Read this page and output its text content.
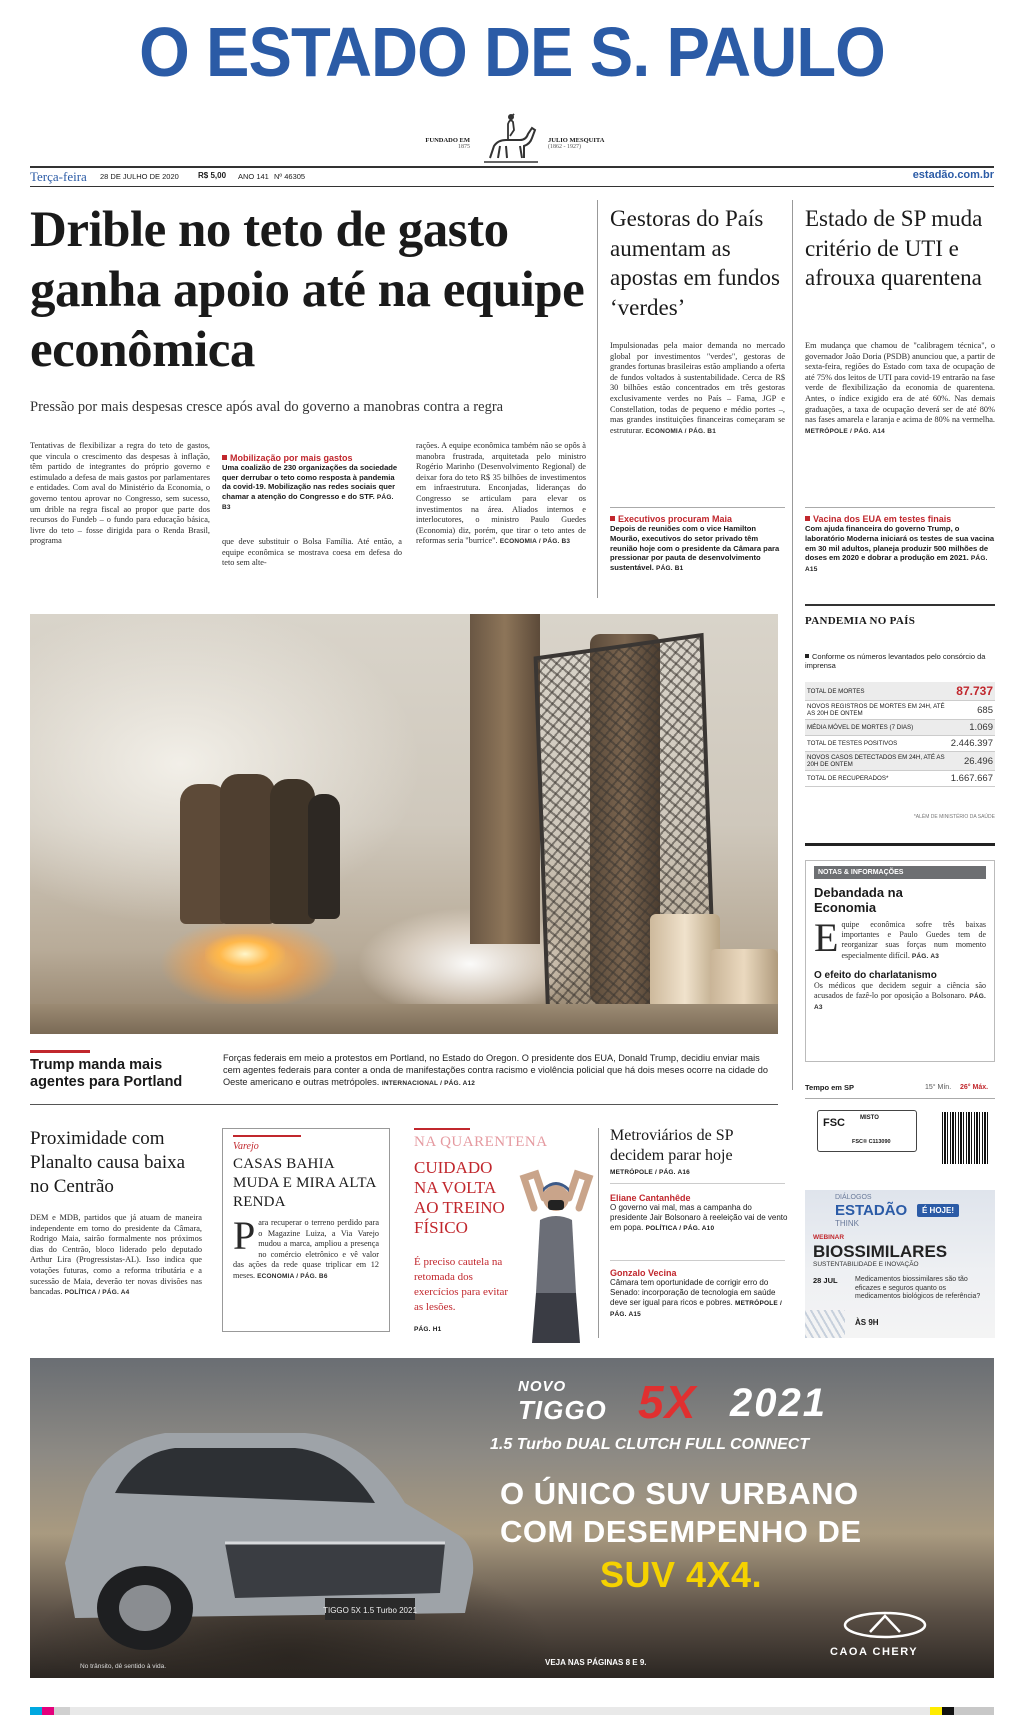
O ESTADO DE S. PAULO
FUNDADO EM
1875
JULIO MESQUITA
(1862 - 1927)
Terça-feira 28 DE JULHO DE 2020 R$ 5,00 ANO 141 Nº 46305	estadão.com.br
Drible no teto de gasto ganha apoio até na equipe econômica
Pressão por mais despesas cresce após aval do governo a manobras contra a regra
Tentativas de flexibilizar a regra do teto de gastos, que vincula o crescimento das despesas à inflação, têm partido de integrantes do próprio governo e estimulado a defesa de mais gastos por parlamentares e entidades. Com aval do Ministério da Economia, o governo tentou aprovar no Congresso, sem sucesso, um drible na regra fiscal ao propor que parte dos recursos do Fundeb – o fundo para educação básica, livre do teto – fosse dirigida para o Renda Brasil, programa
Mobilização por mais gastos
Uma coalizão de 230 organizações da sociedade quer derrubar o teto como resposta à pandemia da covid-19. Mobilização nas redes sociais quer chamar a atenção do Congresso e do STF. PÁG. B3
que deve substituir o Bolsa Família. Até então, a equipe econômica se mostrava coesa em defesa do teto sem alte-
rações. A equipe econômica também não se opôs à manobra frustrada, arquitetada pelo ministro Rogério Marinho (Desenvolvimento Regional) de deixar fora do teto R$ 35 bilhões de investimentos em infraestrutura. Enconjadas, lideranças do Congresso se articulam para elevar os investimentos na área. Aliados internos e interlocutores, o ministro Paulo Guedes (Economia) diz, porém, que tirar o teto antes de reformas seria "burrice". ECONOMIA / PÁG. B3
Gestoras do País aumentam as apostas em fundos ‘verdes’
Impulsionadas pela maior demanda no mercado global por investimentos "verdes", gestoras de grandes fortunas brasileiras estão ampliando a oferta de fundos voltados à sustentabilidade. Cerca de R$ 30 bilhões estão concentrados em três gestoras exclusivamente verdes no País – Fama, JGP e Constellation, todas de pequeno e médio portes –, mas grandes instituições financeiras começaram se estruturar. ECONOMIA / PÁG. B1
Executivos procuram Maia
Depois de reuniões com o vice Hamilton Mourão, executivos do setor privado têm reunião hoje com o presidente da Câmara para pressionar por pauta de desenvolvimento sustentável. PÁG. B1
Estado de SP muda critério de UTI e afrouxa quarentena
Em mudança que chamou de "calibragem técnica", o governador João Doria (PSDB) anunciou que, a partir de sexta-feira, regiões do Estado com taxa de ocupação de até 75% dos leitos de UTI para covid-19 entrarão na fase verde de flexibilização da economia de quarentena. Antes, o índice exigido era de até 60%. Nas demais graduações, a taxa de ocupação deverá ser de até 80% nas fases amarela e laranja e acima de 80% na vermelha. METRÓPOLE / PÁG. A14
Vacina dos EUA em testes finais
Com ajuda financeira do governo Trump, o laboratório Moderna iniciará os testes de sua vacina em 30 mil adultos, planeja produzir 500 milhões de doses em 2020 e dobrar a produção em 2021. PÁG. A15
PANDEMIA NO PAÍS
Conforme os números levantados pelo consórcio da imprensa
TOTAL DE MORTES	87.737
NOVOS REGISTROS DE MORTES EM 24H, ATÉ AS 20H DE ONTEM	685
MÉDIA MÓVEL DE MORTES (7 DIAS)	1.069
TOTAL DE TESTES POSITIVOS	2.446.397
NOVOS CASOS DETECTADOS EM 24H, ATÉ AS 20H DE ONTEM	26.496
TOTAL DE RECUPERADOS*	1.667.667
*ALÉM DE MINISTÉRIO DA SAÚDE
NOTAS & INFORMAÇÕES
Debandada na Economia
E quipe econômica sofre três baixas importantes e Paulo Guedes tem de reorganizar suas forças num momento especialmente difícil. PÁG. A3
O efeito do charlatanismo
Os médicos que decidem seguir a ciência são acusados de fazê-lo por oposição a Bolsonaro. PÁG. A3
Tempo em SP	15° Mín. 26° Máx.
FSC	MISTO
FSC® C113090
Trump manda mais agentes para Portland
Forças federais em meio a protestos em Portland, no Estado do Oregon. O presidente dos EUA, Donald Trump, decidiu enviar mais cem agentes federais para conter a onda de manifestações contra racismo e violência policial que há dois meses ocorre na cidade do Oeste americano e outras metrópoles. INTERNACIONAL / PÁG. A12
Proximidade com Planalto causa baixa no Centrão
DEM e MDB, partidos que já atuam de maneira independente em torno do presidente da Câmara, Rodrigo Maia, sairão formalmente nos próximos dias do Centrão, bloco liderado pelo deputado Arthur Lira (Progressistas-AL). Isso indica que votações futuras, como a reforma tributária e a sucessão de Maia, deverão ter novas divisões nas bancadas. POLÍTICA / PÁG. A4
Varejo
CASAS BAHIA MUDA E MIRA ALTA RENDA
P ara recuperar o terreno perdido para o Magazine Luiza, a Via Varejo mudou a marca, ampliou a presença no comércio eletrônico e vê valor das ações da rede quase triplicar em 12 meses. ECONOMIA / PÁG. B6
NA QUARENTENA
CUIDADO NA VOLTA AO TREINO FÍSICO
É preciso cautela na retomada dos exercícios para evitar as lesões.
PÁG. H1
Metroviários de SP decidem parar hoje
METRÓPOLE / PÁG. A16
Eliane Cantanhêde
O governo vai mal, mas a campanha do presidente Jair Bolsonaro à reeleição vai de vento em popa. POLÍTICA / PÁG. A10
Gonzalo Vecina
Câmara tem oportunidade de corrigir erro do Senado: incorporação de tecnologia em saúde deve ser igual para ricos e pobres. METRÓPOLE / PÁG. A15
DIÁLOGOS
ESTADÃO
THINK
É HOJE!
WEBINAR
BIOSSIMILARES
SUSTENTABILIDADE E INOVAÇÃO
28 JUL Medicamentos biossimilares são tão eficazes e seguros quanto os medicamentos biológicos de referência?
ÀS 9H
TIGGO 5X 1.5 Turbo 2021
NOVO
TIGGO 5X 2021
1.5 Turbo DUAL CLUTCH FULL CONNECT
O ÚNICO SUV URBANO
COM DESEMPENHO DE
SUV 4X4.
VEJA NAS PÁGINAS 8 E 9.
CAOA CHERY
No trânsito, dê sentido à vida.
